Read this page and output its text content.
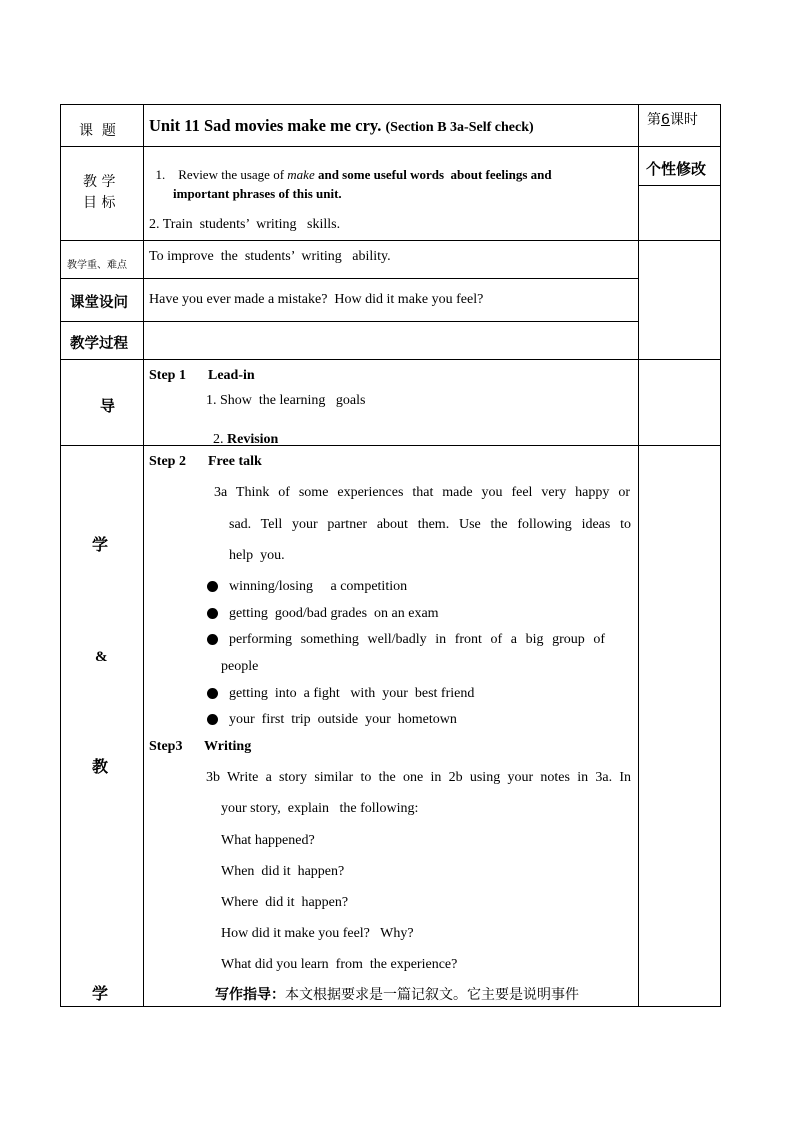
课  题 Unit 11 Sad movies make me cry. (Section B 3a-Self check)	第6课时
教 学
目 标

1.    Review the usage of make and some useful words  about feelings and

important phrases of this unit.
2. Train  students’  writing   skills.
个性修改
教学重、难点
To improve  the  students’  writing   ability.
课堂设问 Have you ever made a mistake?  How did it make you feel?
教学过程
导
Step 1 Lead-in
1. Show  the learning   goals

2. Revision

学
&
教
学
Step 2 Free talk
3a Think of some experiences that made you feel very happy or
sad. Tell your partner about them. Use the following ideas to
help  you.
winning/losing     a competition
getting  good/bad grades  on an exam
performing something well/badly in front of a big group of
people
getting  into  a fight   with  your  best friend
your  first  trip  outside  your  hometown
Step3 Writing
3b Write a story similar to the one in 2b using your notes in 3a. In
your story,  explain   the following:
What happened?
When  did it  happen?
Where  did it  happen?
How did it make you feel?   Why?
What did you learn  from  the experience?
写作指导：本文根据要求是一篇记叙文。它主要是说明事件
